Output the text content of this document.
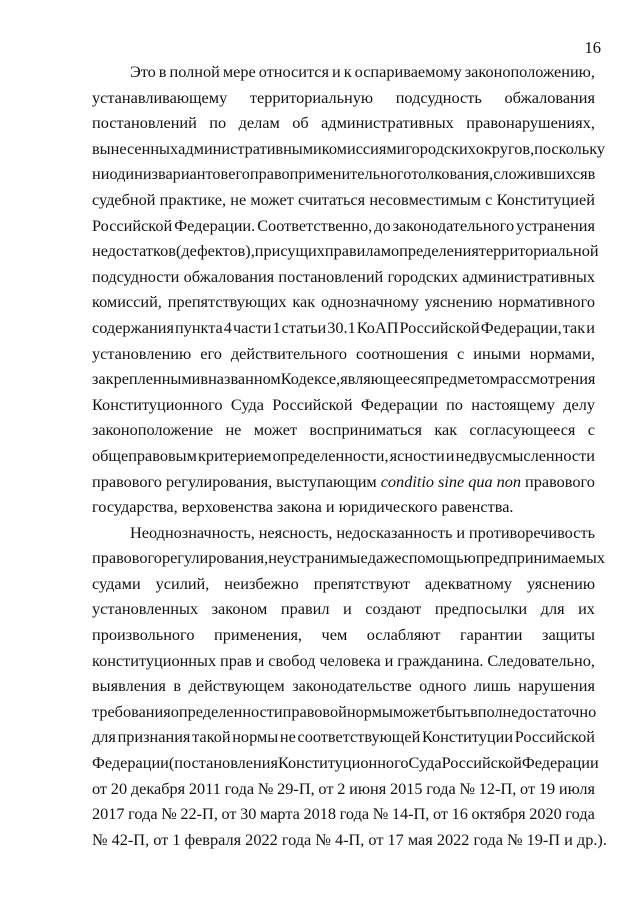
16
Это в полной мере относится и к оспариваемому законоположению,
устанавливающему территориальную подсудность обжалования
постановлений по делам об административных правонарушениях,
вынесенных административными комиссиями городских округов, поскольку
ни один из вариантов его правоприменительного толкования, сложившихся в
судебной практике, не может считаться несовместимым с Конституцией
Российской Федерации. Соответственно, до законодательного устранения
недостатков (дефектов), присущих правилам определения территориальной
подсудности обжалования постановлений городских административных
комиссий, препятствующих как однозначному уяснению нормативного
содержания пункта 4 части 1 статьи 30.1 КоАП Российской Федерации, так и
установлению его действительного соотношения с иными нормами,
закрепленными в названном Кодексе, являющееся предметом рассмотрения
Конституционного Суда Российской Федерации по настоящему делу
законоположение не может восприниматься как согласующееся с
общеправовым критерием определенности, ясности и недвусмысленности
правового регулирования, выступающим conditio sine qua non правового
государства, верховенства закона и юридического равенства.
Неоднозначность, неясность, недосказанность и противоречивость
правового регулирования, неустранимые даже с помощью предпринимаемых
судами усилий, неизбежно препятствуют адекватному уяснению
установленных законом правил и создают предпосылки для их
произвольного применения, чем ослабляют гарантии защиты
конституционных прав и свобод человека и гражданина. Следовательно,
выявления в действующем законодательстве одного лишь нарушения
требования определенности правовой нормы может быть вполне достаточно
для признания такой нормы не соответствующей Конституции Российской
Федерации (постановления Конституционного Суда Российской Федерации
от 20 декабря 2011 года № 29-П, от 2 июня 2015 года № 12-П, от 19 июля
2017 года № 22-П, от 30 марта 2018 года № 14-П, от 16 октября 2020 года
№ 42-П, от 1 февраля 2022 года № 4-П, от 17 мая 2022 года № 19-П и др.).
